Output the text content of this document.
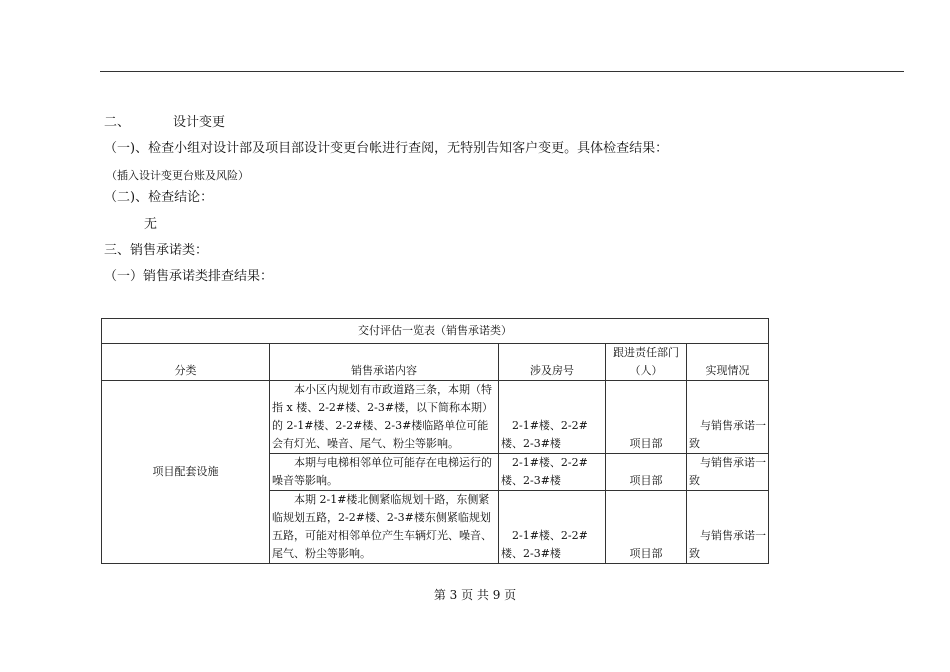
二、	设计变更
（一)、检查小组对设计部及项目部设计变更台帐进行查阅，无特别告知客户变更。具体检查结果：
（插入设计变更台账及风险）
（二)、检查结论：
无
三、销售承诺类：
（一）销售承诺类排查结果：
交付评估一览表（销售承诺类）				
分类	销售承诺内容	涉及房号	跟进责任部门（人）	实现情况
项目配套设施	本小区内规划有市政道路三条，本期（特指 x 楼、2-2#楼、2-3#楼，以下简称本期）的 2-1#楼、2-2#楼、2-3#楼临路单位可能会有灯光、噪音、尾气、粉尘等影响。	2-1#楼、2-2#楼、2-3#楼	项目部	与销售承诺一致
	本期与电梯相邻单位可能存在电梯运行的噪音等影响。	2-1#楼、2-2#楼、2-3#楼	项目部	与销售承诺一致
	本期 2-1#楼北侧紧临规划十路，东侧紧临规划五路，2-2#楼、2-3#楼东侧紧临规划五路，可能对相邻单位产生车辆灯光、噪音、尾气、粉尘等影响。	2-1#楼、2-2#楼、2-3#楼	项目部	与销售承诺一致
第 3 页 共 9 页
